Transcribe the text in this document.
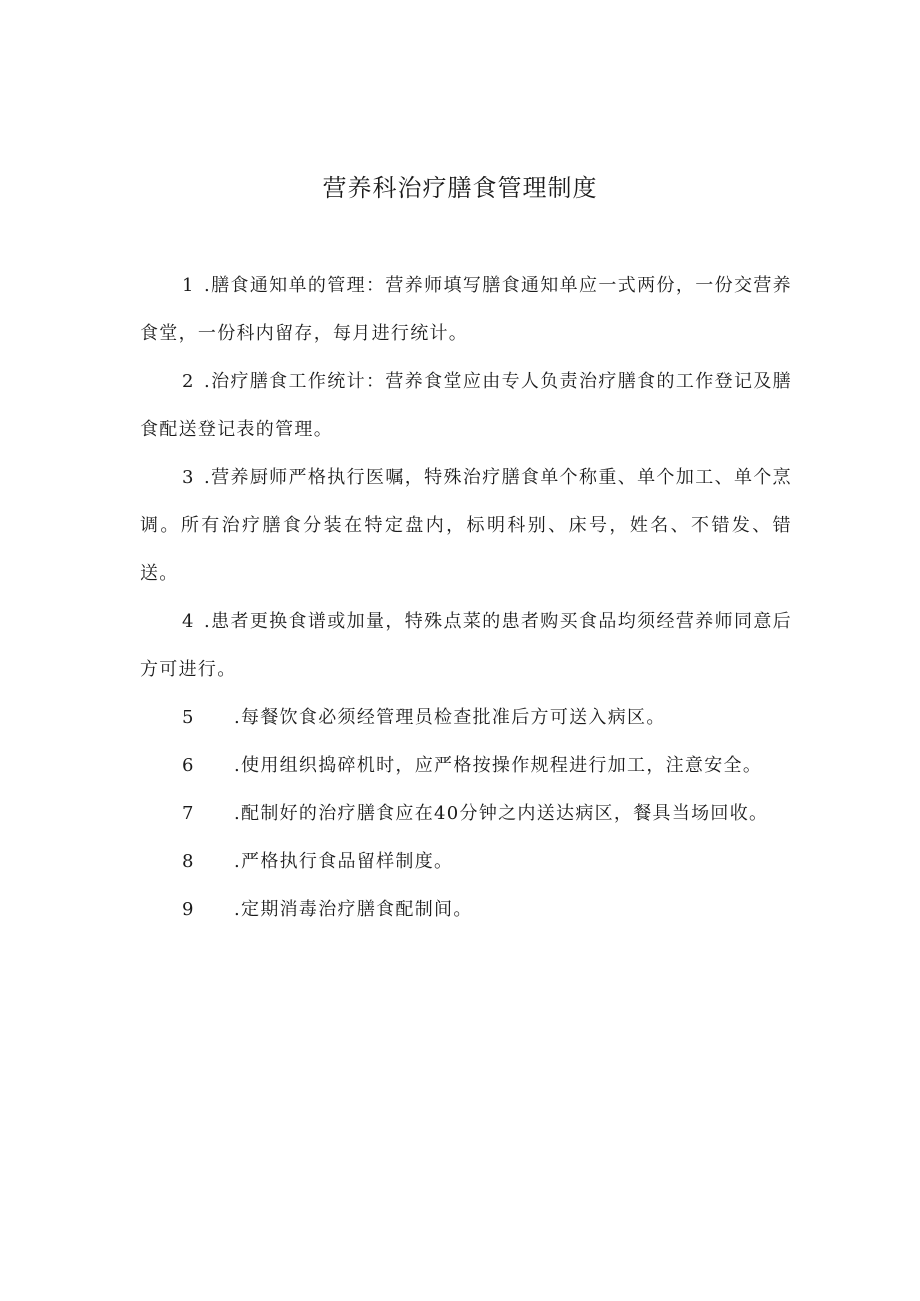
营养科治疗膳食管理制度

1 .膳食通知单的管理：营养师填写膳食通知单应一式两份，一份交营养食堂，一份科内留存，每月进行统计。

2 .治疗膳食工作统计：营养食堂应由专人负责治疗膳食的工作登记及膳食配送登记表的管理。

3 .营养厨师严格执行医嘱，特殊治疗膳食单个称重、单个加工、单个烹调。所有治疗膳食分装在特定盘内，标明科别、床号，姓名、不错发、错送。

4 .患者更换食谱或加量，特殊点菜的患者购买食品均须经营养师同意后方可进行。

5 .每餐饮食必须经管理员检查批准后方可送入病区。

6 .使用组织捣碎机时，应严格按操作规程进行加工，注意安全。

7 .配制好的治疗膳食应在40分钟之内送达病区，餐具当场回收。

8 .严格执行食品留样制度。

9 .定期消毒治疗膳食配制间。
